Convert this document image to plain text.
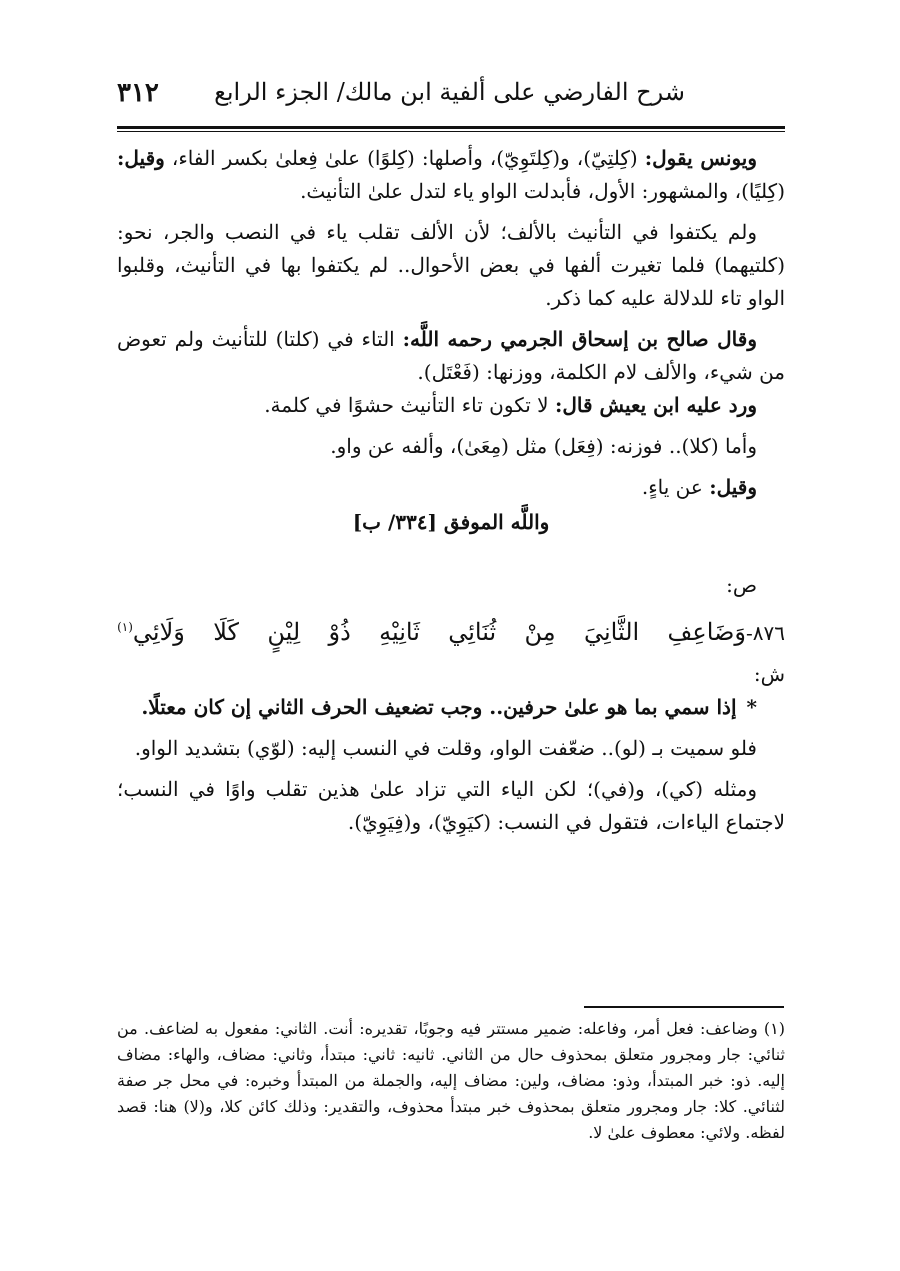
شرح الفارضي على ألفية ابن مالك/ الجزء الرابع
٣١٢

ويونس يقول: (كِلتِيّ)، و(كِلتَوِيّ)، وأصلها: (كِلوًا) علىٰ فِعلىٰ بكسر الفاء، وقيل: (كِليًا)، والمشهور: الأول، فأبدلت الواو ياء لتدل علىٰ التأنيث.

ولم يكتفوا في التأنيث بالألف؛ لأن الألف تقلب ياء في النصب والجر، نحو: (كلتيهما) فلما تغيرت ألفها في بعض الأحوال.. لم يكتفوا بها في التأنيث، وقلبوا الواو تاء للدلالة عليه كما ذكر.

وقال صالح بن إسحاق الجرمي رحمه اللَّه: التاء في (كلتا) للتأنيث ولم تعوض من شيء، والألف لام الكلمة، ووزنها: (فَعْتَل).

ورد عليه ابن يعيش قال: لا تكون تاء التأنيث حشوًا في كلمة.

وأما (كلا).. فوزنه: (فِعَل) مثل (مِعَىٰ)، وألفه عن واو.

وقيل: عن ياءٍ.

واللَّه الموفق [٣٣٤/ ب]

ص:

٨٧٦-وَضَاعِفِ
الثَّانِيَ
مِنْ
ثُنَائِي
ثَانِيْهِ
ذُوْ
لِيْنٍ
كَلَا
وَلَائِي$^{(١)}$

ش:

*إذا سمي بما هو علىٰ حرفين.. وجب تضعيف الحرف الثاني إن كان معتلًا.

فلو سميت بـ (لو).. ضعّفت الواو، وقلت في النسب إليه: (لوّي) بتشديد الواو.

ومثله (كي)، و(في)؛ لكن الياء التي تزاد علىٰ هذين تقلب واوًا في النسب؛ لاجتماع الياءات، فتقول في النسب: (كيَوِيّ)، و(فِيَوِيّ).

(١) وضاعف: فعل أمر، وفاعله: ضمير مستتر فيه وجوبًا، تقديره: أنت. الثاني: مفعول به لضاعف. من ثنائي: جار ومجرور متعلق بمحذوف حال من الثاني. ثانيه: ثاني: مبتدأ، وثاني: مضاف، والهاء: مضاف إليه. ذو: خبر المبتدأ، وذو: مضاف، ولين: مضاف إليه، والجملة من المبتدأ وخبره: في محل جر صفة لثنائي. كلا: جار ومجرور متعلق بمحذوف خبر مبتدأ محذوف، والتقدير: وذلك كائن كلا، و(لا) هنا: قصد لفظه. ولائي: معطوف علىٰ لا.
